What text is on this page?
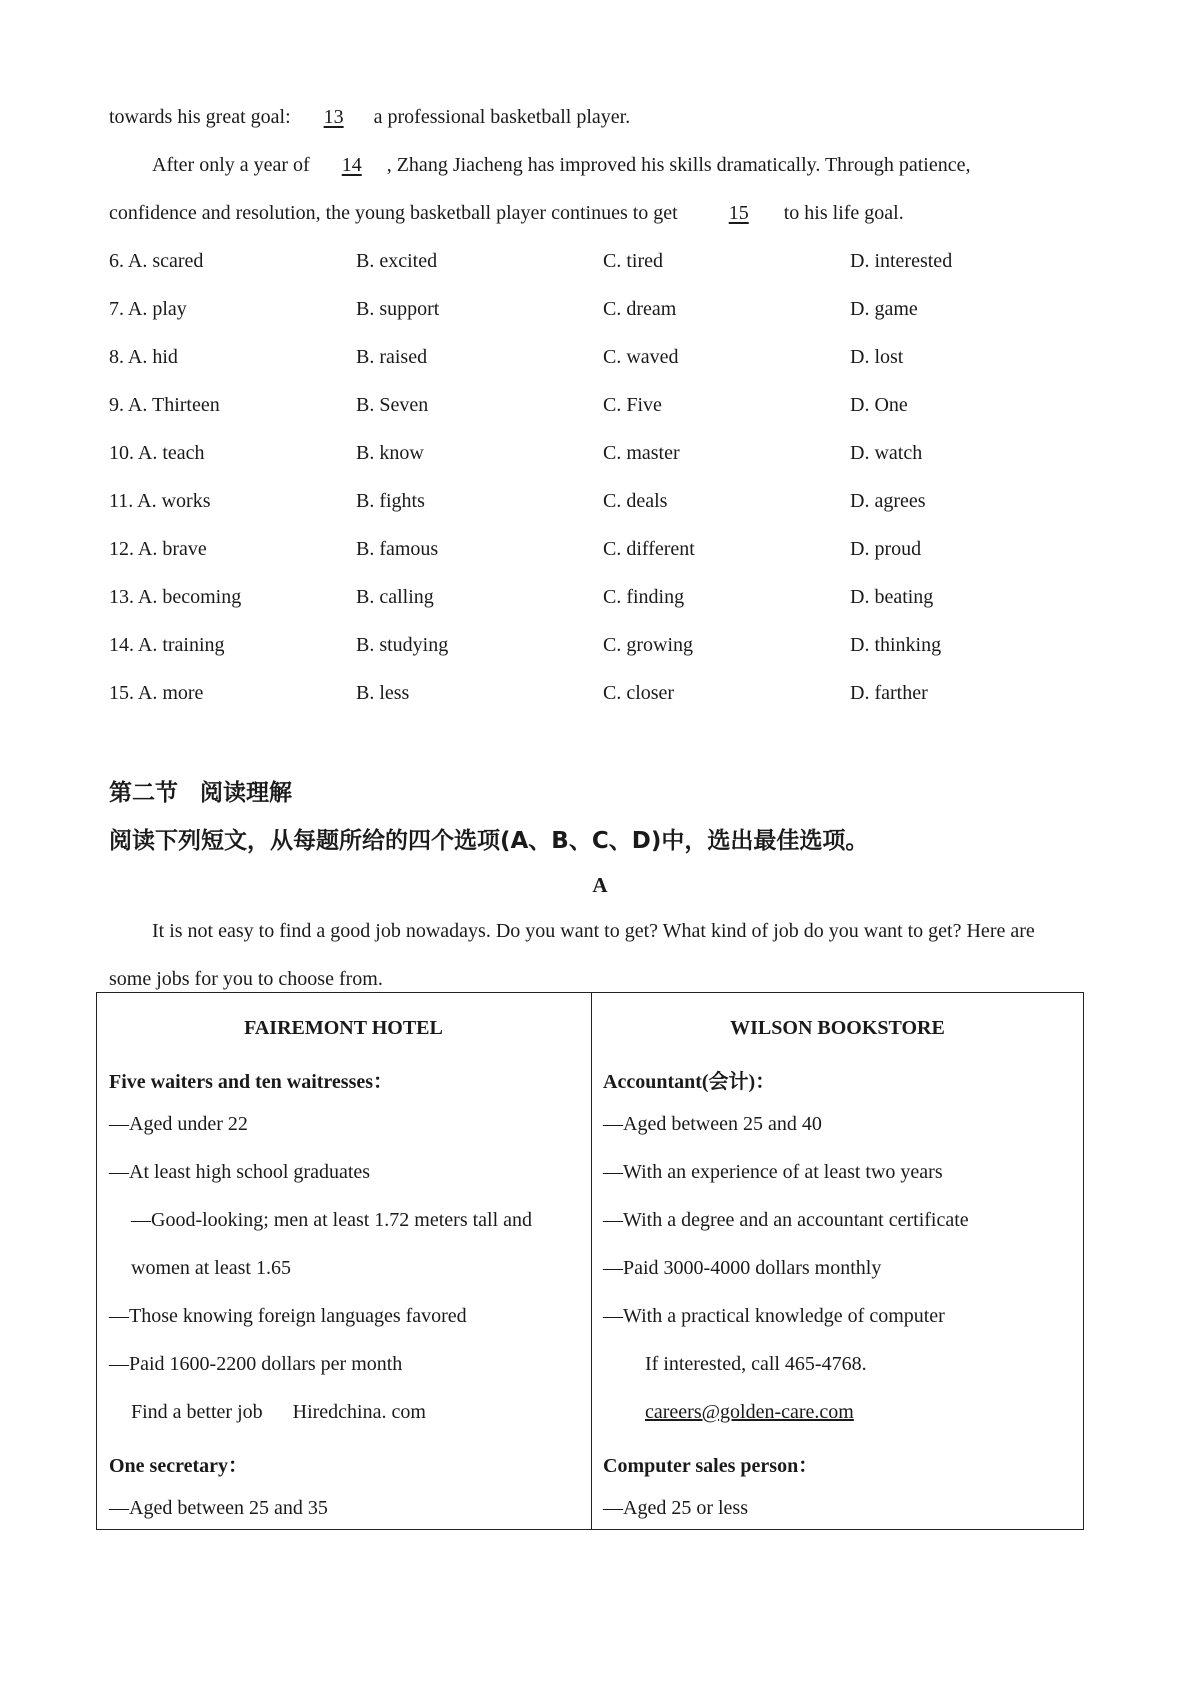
towards his great goal: 13 a professional basketball player.
After only a year of 14 , Zhang Jiacheng has improved his skills dramatically. Through patience,
confidence and resolution, the young basketball player continues to get 15 to his life goal.
6. A. scared	B. excited	C. tired	D. interested
7. A. play	B. support	C. dream	D. game
8. A. hid	B. raised	C. waved	D. lost
9. A. Thirteen	B. Seven	C. Five	D. One
10. A. teach	B. know	C. master	D. watch
11. A. works	B. fights	C. deals	D. agrees
12. A. brave	B. famous	C. different	D. proud
13. A. becoming	B. calling	C. finding	D. beating
14. A. training	B. studying	C. growing	D. thinking
15. A. more	B. less	C. closer	D. farther
第二节 阅读理解
阅读下列短文，从每题所给的四个选项(A、B、C、D)中，选出最佳选项。
A
It is not easy to find a good job nowadays. Do you want to get? What kind of job do you want to get? Here are
some jobs for you to choose from.
FAIREMONT HOTEL	WILSON BOOKSTORE
Five waiters and ten waitresses：	Accountant(会计)：
—Aged under 22	—Aged between 25 and 40
—At least high school graduates	—With an experience of at least two years
—Good-looking; men at least 1.72 meters tall and	—With a degree and an accountant certificate
women at least 1.65	—Paid 3000-4000 dollars monthly
—Those knowing foreign languages favored	—With a practical knowledge of computer
—Paid 1600-2200 dollars per month	If interested, call 465-4768.
Find a better job Hiredchina. com	careers@golden-care.com
One secretary：	Computer sales person：
—Aged between 25 and 35	—Aged 25 or less
